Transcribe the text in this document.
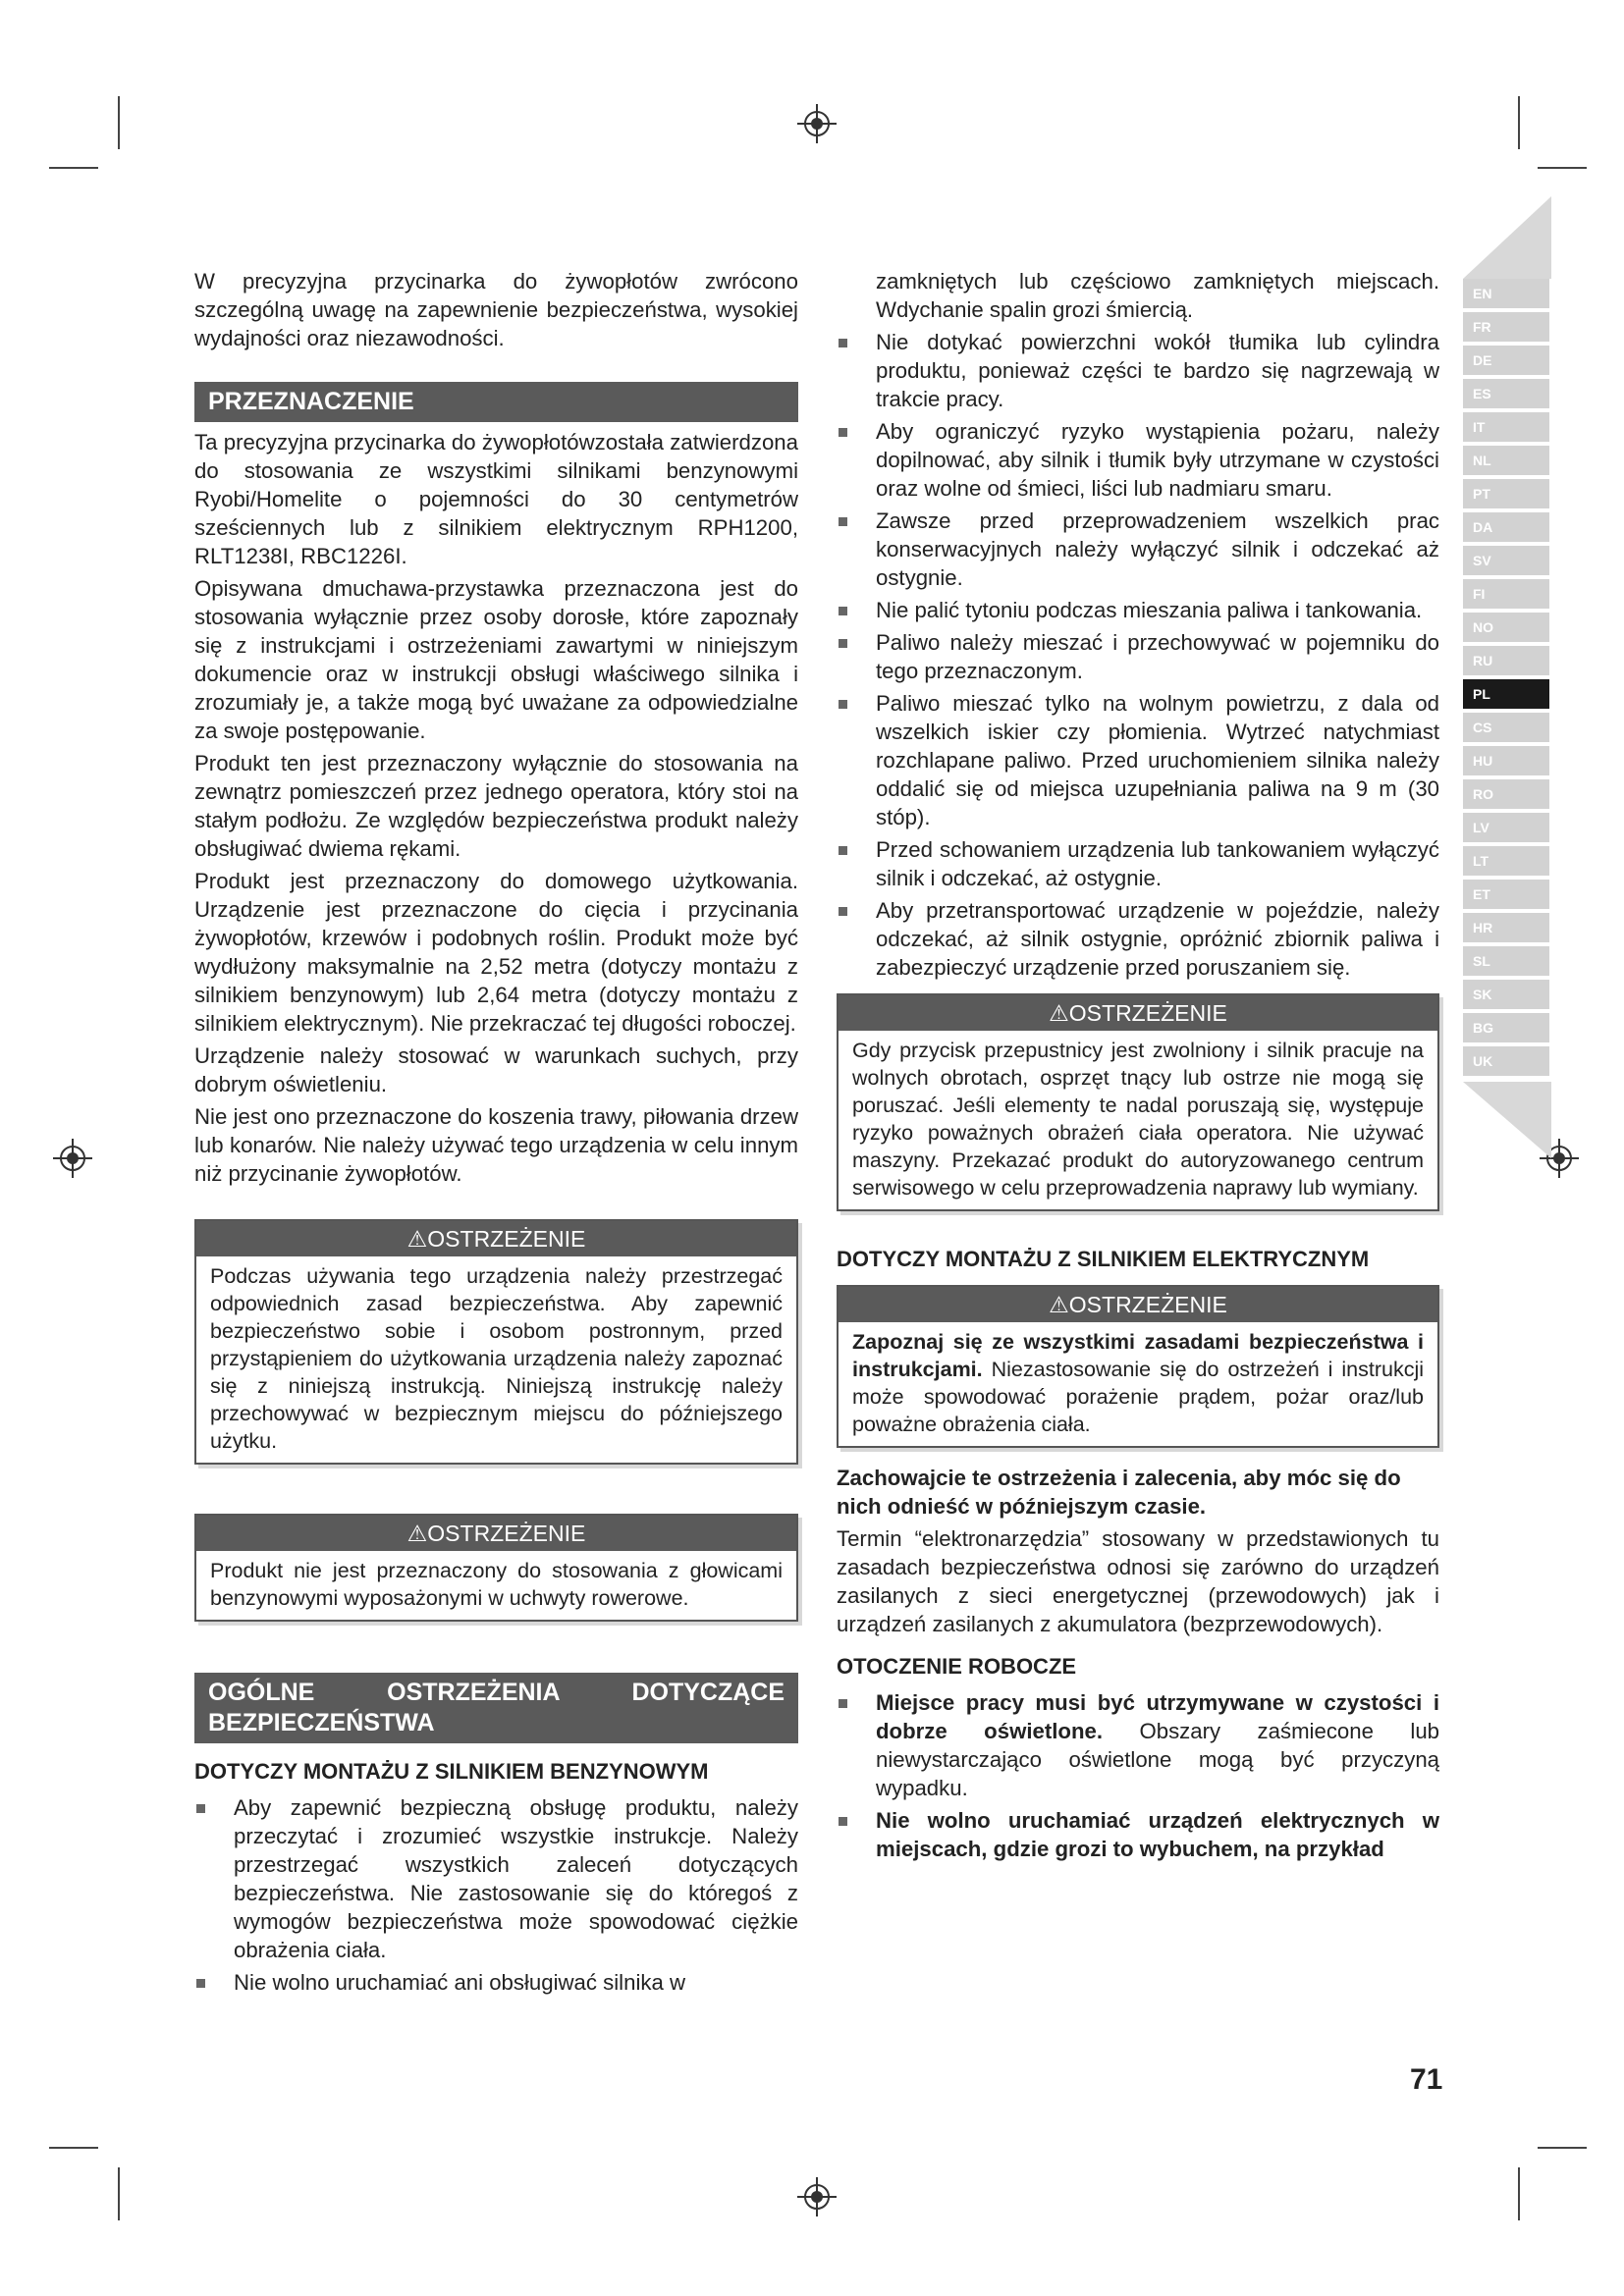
EN
FR
DE
ES
IT
NL
PT
DA
SV
FI
NO
RU
PL
CS
HU
RO
LV
LT
ET
HR
SL
SK
BG
UK

W precyzyjna przycinarka do żywopłotów zwrócono szczególną uwagę na zapewnienie bezpieczeństwa, wysokiej wydajności oraz niezawodności.

PRZEZNACZENIE

Ta precyzyjna przycinarka do żywopłotówzostała zatwierdzona do stosowania ze wszystkimi silnikami benzynowymi Ryobi/Homelite o pojemności do 30 centymetrów sześciennych lub z silnikiem elektrycznym RPH1200, RLT1238I, RBC1226I.

Opisywana dmuchawa-przystawka przeznaczona jest do stosowania wyłącznie przez osoby dorosłe, które zapoznały się z instrukcjami i ostrzeżeniami zawartymi w niniejszym dokumencie oraz w instrukcji obsługi właściwego silnika i zrozumiały je, a także mogą być uważane za odpowiedzialne za swoje postępowanie.

Produkt ten jest przeznaczony wyłącznie do stosowania na zewnątrz pomieszczeń przez jednego operatora, który stoi na stałym podłożu. Ze względów bezpieczeństwa produkt należy obsługiwać dwiema rękami.

Produkt jest przeznaczony do domowego użytkowania. Urządzenie jest przeznaczone do cięcia i przycinania żywopłotów, krzewów i podobnych roślin. Produkt może być wydłużony maksymalnie na 2,52 metra (dotyczy montażu z silnikiem benzynowym) lub 2,64 metra (dotyczy montażu z silnikiem elektrycznym). Nie przekraczać tej długości roboczej.

Urządzenie należy stosować w warunkach suchych, przy dobrym oświetleniu.

Nie jest ono przeznaczone do koszenia trawy, piłowania drzew lub konarów. Nie należy używać tego urządzenia w celu innym niż przycinanie żywopłotów.

⚠OSTRZEŻENIE
Podczas używania tego urządzenia należy przestrzegać odpowiednich zasad bezpieczeństwa. Aby zapewnić bezpieczeństwo sobie i osobom postronnym, przed przystąpieniem do użytkowania urządzenia należy zapoznać się z niniejszą instrukcją. Niniejszą instrukcję należy przechowywać w bezpiecznym miejscu do późniejszego użytku.
⚠OSTRZEŻENIE
Produkt nie jest przeznaczony do stosowania z głowicami benzynowymi wyposażonymi w uchwyty rowerowe.
OGÓLNE OSTRZEŻENIA DOTYCZĄCE BEZPIECZEŃSTWA
DOTYCZY MONTAŻU Z SILNIKIEM BENZYNOWYM
Aby zapewnić bezpieczną obsługę produktu, należy przeczytać i zrozumieć wszystkie instrukcje. Należy przestrzegać wszystkich zaleceń dotyczących bezpieczeństwa. Nie zastosowanie się do któregoś z wymogów bezpieczeństwa może spowodować ciężkie obrażenia ciała.
Nie wolno uruchamiać ani obsługiwać silnika w

zamkniętych lub częściowo zamkniętych miejscach. Wdychanie spalin grozi śmiercią.

Nie dotykać powierzchni wokół tłumika lub cylindra produktu, ponieważ części te bardzo się nagrzewają w trakcie pracy.
Aby ograniczyć ryzyko wystąpienia pożaru, należy dopilnować, aby silnik i tłumik były utrzymane w czystości oraz wolne od śmieci, liści lub nadmiaru smaru.
Zawsze przed przeprowadzeniem wszelkich prac konserwacyjnych należy wyłączyć silnik i odczekać aż ostygnie.
Nie palić tytoniu podczas mieszania paliwa i tankowania.
Paliwo należy mieszać i przechowywać w pojemniku do tego przeznaczonym.
Paliwo mieszać tylko na wolnym powietrzu, z dala od wszelkich iskier czy płomienia. Wytrzeć natychmiast rozchlapane paliwo. Przed uruchomieniem silnika należy oddalić się od miejsca uzupełniania paliwa na 9 m (30 stóp).
Przed schowaniem urządzenia lub tankowaniem wyłączyć silnik i odczekać, aż ostygnie.
Aby przetransportować urządzenie w pojeździe, należy odczekać, aż silnik ostygnie, opróżnić zbiornik paliwa i zabezpieczyć urządzenie przed poruszaniem się.
⚠OSTRZEŻENIE
Gdy przycisk przepustnicy jest zwolniony i silnik pracuje na wolnych obrotach, osprzęt tnący lub ostrze nie mogą się poruszać. Jeśli elementy te nadal poruszają się, występuje ryzyko poważnych obrażeń ciała operatora. Nie używać maszyny. Przekazać produkt do autoryzowanego centrum serwisowego w celu przeprowadzenia naprawy lub wymiany.
DOTYCZY MONTAŻU Z SILNIKIEM ELEKTRYCZNYM
⚠OSTRZEŻENIE
Zapoznaj się ze wszystkimi zasadami bezpieczeństwa i instrukcjami. Niezastosowanie się do ostrzeżeń i instrukcji może spowodować porażenie prądem, pożar oraz/lub poważne obrażenia ciała.

Zachowajcie te ostrzeżenia i zalecenia, aby móc się do nich odnieść w późniejszym czasie.

Termin “elektronarzędzia” stosowany w przedstawionych tu zasadach bezpieczeństwa odnosi się zarówno do urządzeń zasilanych z sieci energetycznej (przewodowych) jak i urządzeń zasilanych z akumulatora (bezprzewodowych).

OTOCZENIE ROBOCZE
Miejsce pracy musi być utrzymywane w czystości i dobrze oświetlone. Obszary zaśmiecone lub niewystarczająco oświetlone mogą być przyczyną wypadku.
Nie wolno uruchamiać urządzeń elektrycznych w miejscach, gdzie grozi to wybuchem, na przykład
71
